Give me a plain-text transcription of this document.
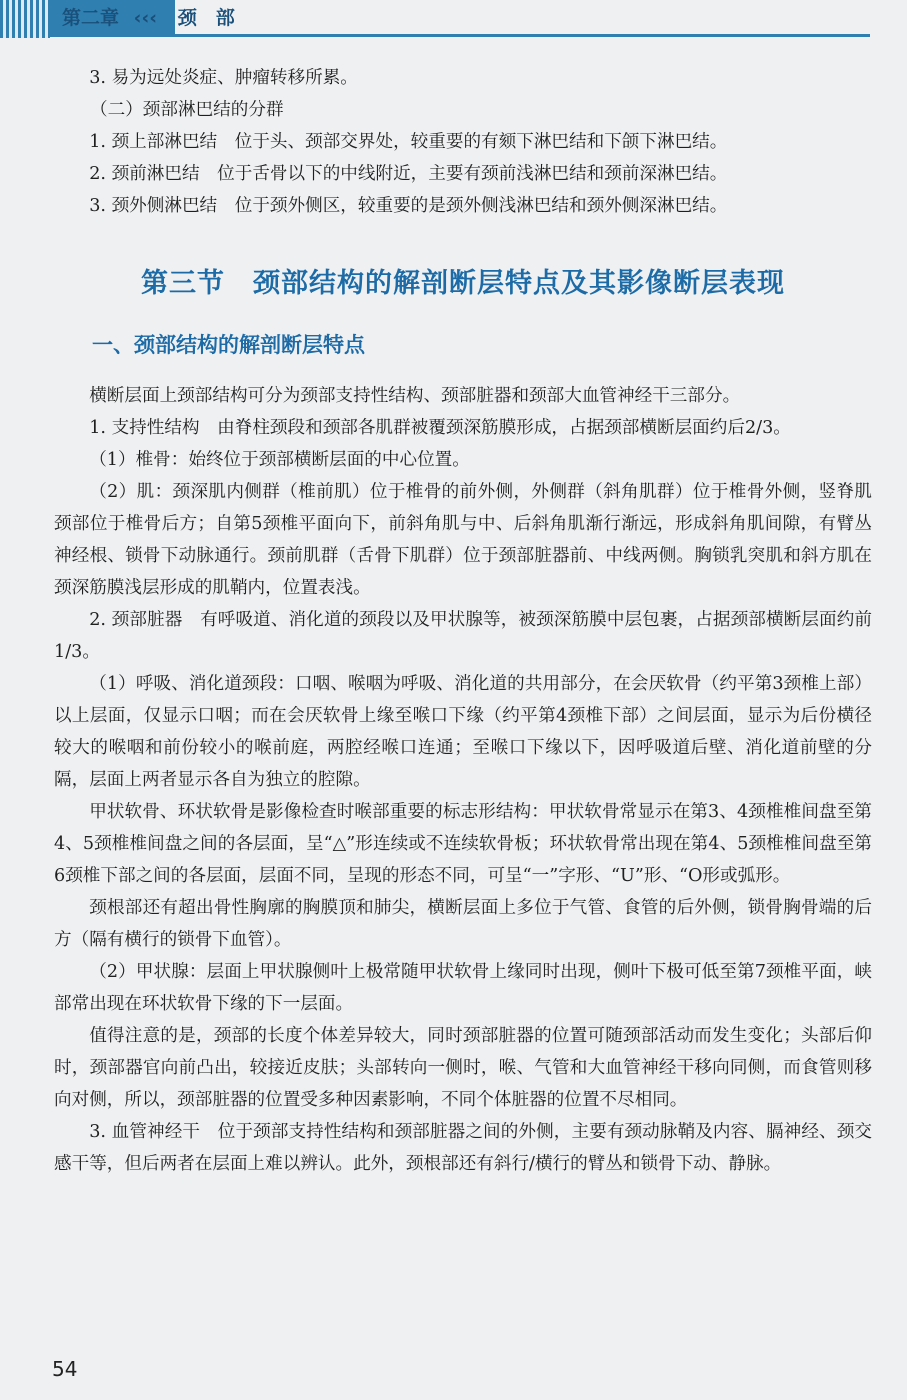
第二章 ‹‹‹ 颈　部

3. 易为远处炎症、肿瘤转移所累。

（二）颈部淋巴结的分群

1. 颈上部淋巴结　位于头、颈部交界处，较重要的有颏下淋巴结和下颌下淋巴结。

2. 颈前淋巴结　位于舌骨以下的中线附近，主要有颈前浅淋巴结和颈前深淋巴结。

3. 颈外侧淋巴结　位于颈外侧区，较重要的是颈外侧浅淋巴结和颈外侧深淋巴结。

第三节　颈部结构的解剖断层特点及其影像断层表现
一、颈部结构的解剖断层特点

横断层面上颈部结构可分为颈部支持性结构、颈部脏器和颈部大血管神经干三部分。

1. 支持性结构　由脊柱颈段和颈部各肌群被覆颈深筋膜形成，占据颈部横断层面约后2/3。

（1）椎骨：始终位于颈部横断层面的中心位置。

（2）肌：颈深肌内侧群（椎前肌）位于椎骨的前外侧，外侧群（斜角肌群）位于椎骨外侧，竖脊肌颈部位于椎骨后方；自第5颈椎平面向下，前斜角肌与中、后斜角肌渐行渐远，形成斜角肌间隙，有臂丛神经根、锁骨下动脉通行。颈前肌群（舌骨下肌群）位于颈部脏器前、中线两侧。胸锁乳突肌和斜方肌在颈深筋膜浅层形成的肌鞘内，位置表浅。

2. 颈部脏器　有呼吸道、消化道的颈段以及甲状腺等，被颈深筋膜中层包裹，占据颈部横断层面约前1/3。

（1）呼吸、消化道颈段：口咽、喉咽为呼吸、消化道的共用部分，在会厌软骨（约平第3颈椎上部）以上层面，仅显示口咽；而在会厌软骨上缘至喉口下缘（约平第4颈椎下部）之间层面，显示为后份横径较大的喉咽和前份较小的喉前庭，两腔经喉口连通；至喉口下缘以下，因呼吸道后壁、消化道前壁的分隔，层面上两者显示各自为独立的腔隙。

甲状软骨、环状软骨是影像检查时喉部重要的标志形结构：甲状软骨常显示在第3、4颈椎椎间盘至第4、5颈椎椎间盘之间的各层面，呈“△”形连续或不连续软骨板；环状软骨常出现在第4、5颈椎椎间盘至第6颈椎下部之间的各层面，层面不同，呈现的形态不同，可呈“一”字形、“U”形、“O形或弧形。

颈根部还有超出骨性胸廓的胸膜顶和肺尖，横断层面上多位于气管、食管的后外侧，锁骨胸骨端的后方（隔有横行的锁骨下血管）。

（2）甲状腺：层面上甲状腺侧叶上极常随甲状软骨上缘同时出现，侧叶下极可低至第7颈椎平面，峡部常出现在环状软骨下缘的下一层面。

值得注意的是，颈部的长度个体差异较大，同时颈部脏器的位置可随颈部活动而发生变化；头部后仰时，颈部器官向前凸出，较接近皮肤；头部转向一侧时，喉、气管和大血管神经干移向同侧，而食管则移向对侧，所以，颈部脏器的位置受多种因素影响，不同个体脏器的位置不尽相同。

3. 血管神经干　位于颈部支持性结构和颈部脏器之间的外侧，主要有颈动脉鞘及内容、膈神经、颈交感干等，但后两者在层面上难以辨认。此外，颈根部还有斜行/横行的臂丛和锁骨下动、静脉。

54
